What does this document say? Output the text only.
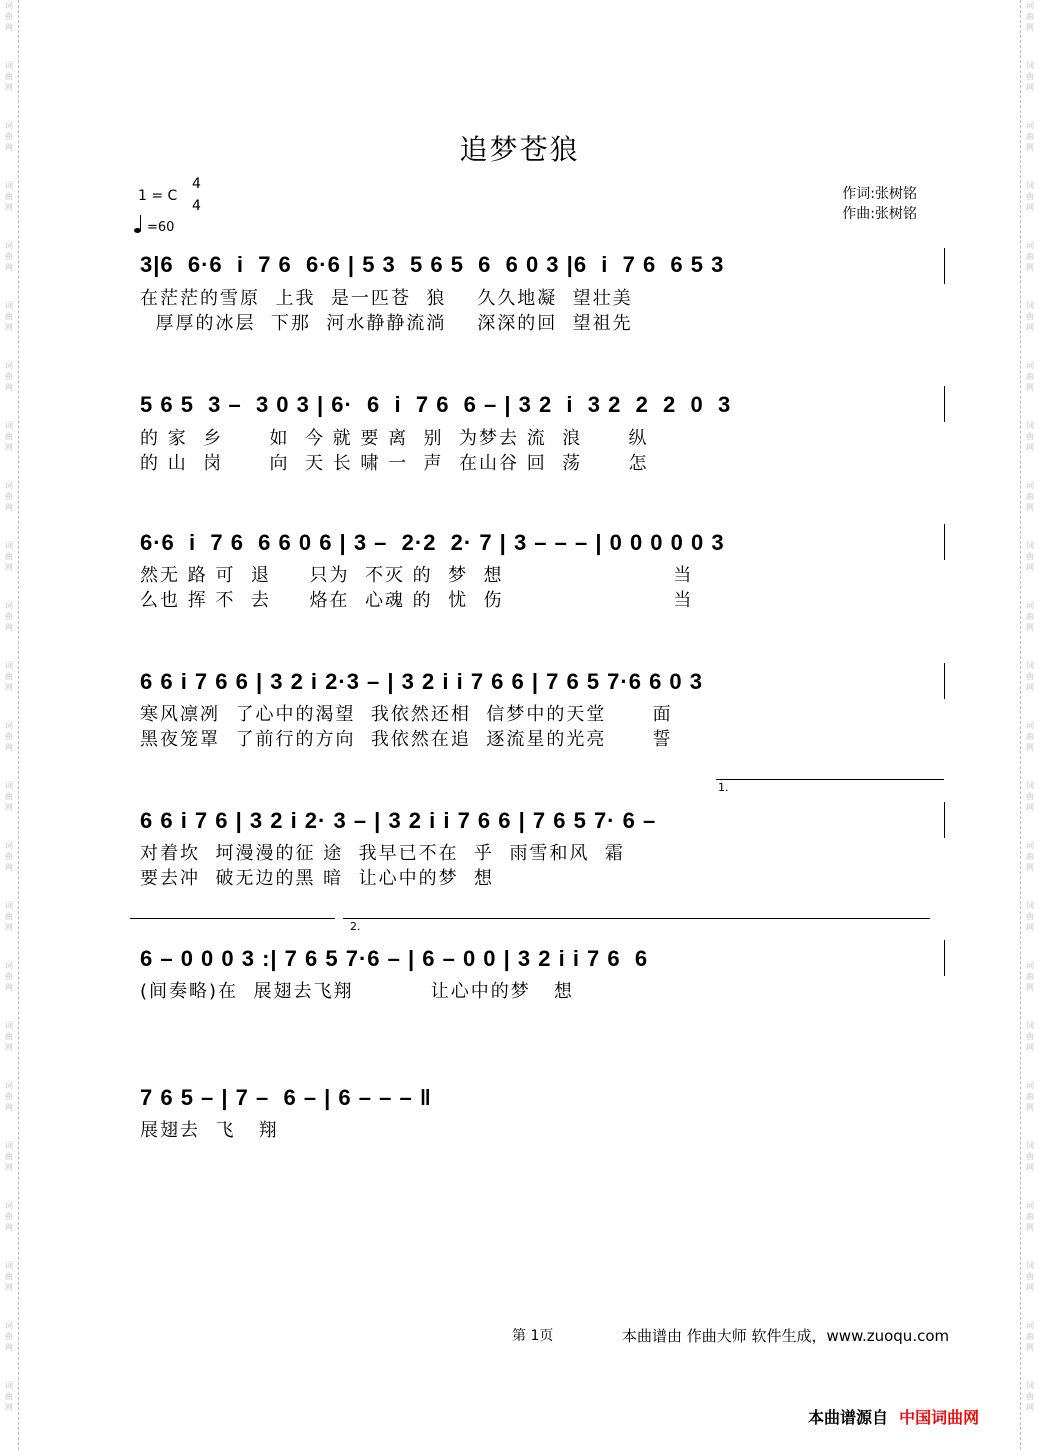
词
曲
网
词
曲
网
词
曲
网
词
曲
网
词
曲
网
词
曲
网
词
曲
网
词
曲
网
词
曲
网
词
曲
网
词
曲
网
词
曲
网
词
曲
网
词
曲
网
词
曲
网
词
曲
网
词
曲
网
词
曲
网
词
曲
网
词
曲
网
词
曲
网
词
曲
网
词
曲
网
词
曲
网
词
曲
网
词
曲
网
词
曲
网
词
曲
网
词
曲
网
词
曲
网
词
曲
网
词
曲
网
词
曲
网
词
曲
网
词
曲
网
词
曲
网
词
曲
网
词
曲
网
词
曲
网
词
曲
网
词
曲
网
词
曲
网
词
曲
网
词
曲
网
词
曲
网
词
曲
网
词
曲
网
词
曲
网
追梦苍狼
1 = C
4
4
=60
作词:张树铭
作曲:张树铭
3|6  6·6  i  7 6  6·6 | 5 3  5 6 5  6  6 0 3 |6  i  7 6  6 5 3
在茫茫的雪原  上我  是一匹苍  狼    久久地凝  望壮美
厚厚的冰层  下那  河水静静流淌    深深的回  望祖先
5 6 5  3 –  3 0 3 | 6·  6  i  7 6  6 – | 3 2  i  3 2  2  2  0  3
的 家  乡      如  今 就 要 离  别  为梦去 流  浪      纵
的 山  岗      向  天 长 啸 一  声  在山谷 回  荡      怎
6·6  i  7 6  6 6 0 6 | 3 –  2·2  2· 7 | 3 – – – | 0 0 0 0 0 3
然无 路 可  退     只为  不灭 的  梦  想                      当
么也 挥 不  去     烙在  心魂 的  忧  伤                      当
6 6 i 7 6 6 | 3 2 i 2·3 – | 3 2 i i 7 6 6 | 7 6 5 7·6 6 0 3
寒风凛冽  了心中的渴望  我依然还相  信梦中的天堂      面
黑夜笼罩  了前行的方向  我依然在追  逐流星的光亮      誓
1.
6 6 i 7 6 | 3 2 i 2· 3 – | 3 2 i i 7 6 6 | 7 6 5 7· 6 –
对着坎  坷漫漫的征 途  我早已不在  乎  雨雪和风  霜
要去冲  破无边的黑 暗  让心中的梦  想
2.
6 – 0 0 0 3 :| 7 6 5 7·6 – | 6 – 0 0 | 3 2 i i 7 6  6
(间奏略)在  展翅去飞翔          让心中的梦   想
7 6 5 – | 7 –  6 – | 6 – – – ‖
展翅去  飞   翔
第 1页	本曲谱由 作曲大师 软件生成，www.zuoqu.com
本曲谱源自 中国词曲网
